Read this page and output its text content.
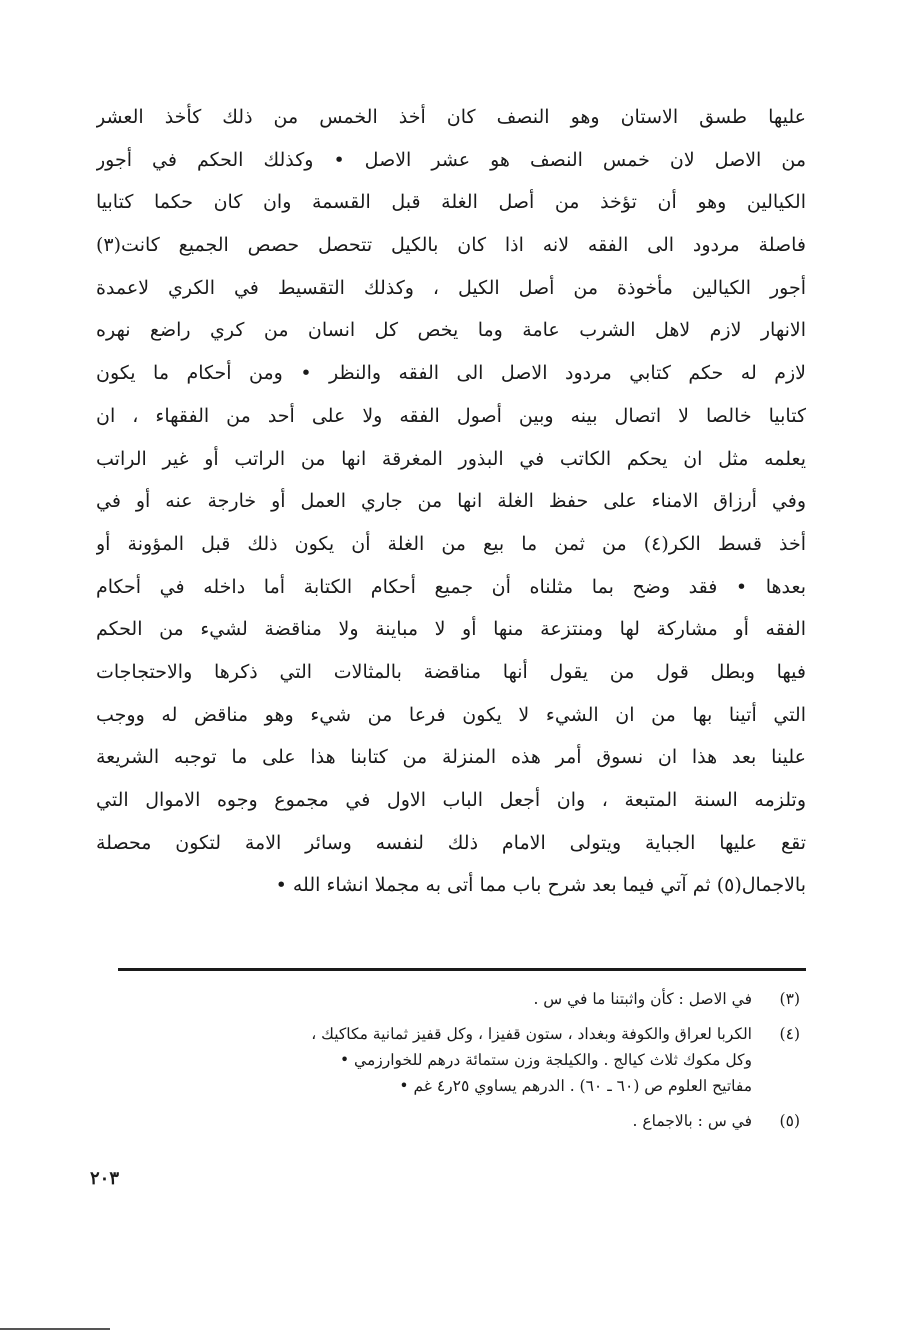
عليها طسق الاستان وهو النصف كان أخذ الخمس من ذلك كأخذ العشر
من الاصل لان خمس النصف هو عشر الاصل • وكذلك الحكم في أجور
الكيالين وهو أن تؤخذ من أصل الغلة قبل القسمة وان كان حكما كتابيا
فاصلة مردود الى الفقه لانه اذا كان بالكيل تتحصل حصص الجميع كانت(٣)
أجور الكيالين مأخوذة من أصل الكيل ، وكذلك التقسيط في الكري لاعمدة
الانهار لازم لاهل الشرب عامة وما يخص كل انسان من كري راضع نهره
لازم له حكم كتابي مردود الاصل الى الفقه والنظر • ومن أحكام ما يكون
كتابيا خالصا لا اتصال بينه وبين أصول الفقه ولا على أحد من الفقهاء ، ان
يعلمه مثل ان يحكم الكاتب في البذور المغرقة انها من الراتب أو غير الراتب
وفي أرزاق الامناء على حفظ الغلة انها من جاري العمل أو خارجة عنه أو في
أخذ قسط الكر(٤) من ثمن ما بيع من الغلة أن يكون ذلك قبل المؤونة أو
بعدها • فقد وضح بما مثلناه أن جميع أحكام الكتابة أما داخله في أحكام
الفقه أو مشاركة لها ومنتزعة منها أو لا مباينة ولا مناقضة لشيء من الحكم
فيها وبطل قول من يقول أنها مناقضة بالمثالات التي ذكرها والاحتجاجات
التي أتينا بها من ان الشيء لا يكون فرعا من شيء وهو مناقض له ووجب
علينا بعد هذا ان نسوق أمر هذه المنزلة من كتابنا هذا على ما توجبه الشريعة
وتلزمه السنة المتبعة ، وان أجعل الباب الاول في مجموع وجوه الاموال التي
تقع عليها الجباية ويتولى الامام ذلك لنفسه وسائر الامة لتكون محصلة
بالاجمال(٥) ثم آتي فيما بعد شرح باب مما أتى به مجملا انشاء الله •
(٣)
في الاصل : كأن واثبتنا ما في س .
(٤)
الكربا لعراق والكوفة وبغداد ، ستون قفيزا ، وكل قفيز ثمانية مكاكيك ،
وكل مكوك ثلاث كيالج . والكيلجة وزن ستمائة درهم للخوارزمي •
مفاتيح العلوم ص (٦٠ ـ ٦٠) . الدرهم يساوي ٢٥ر٤ غم •
(٥)
في س : بالاجماع .
٢٠٣
